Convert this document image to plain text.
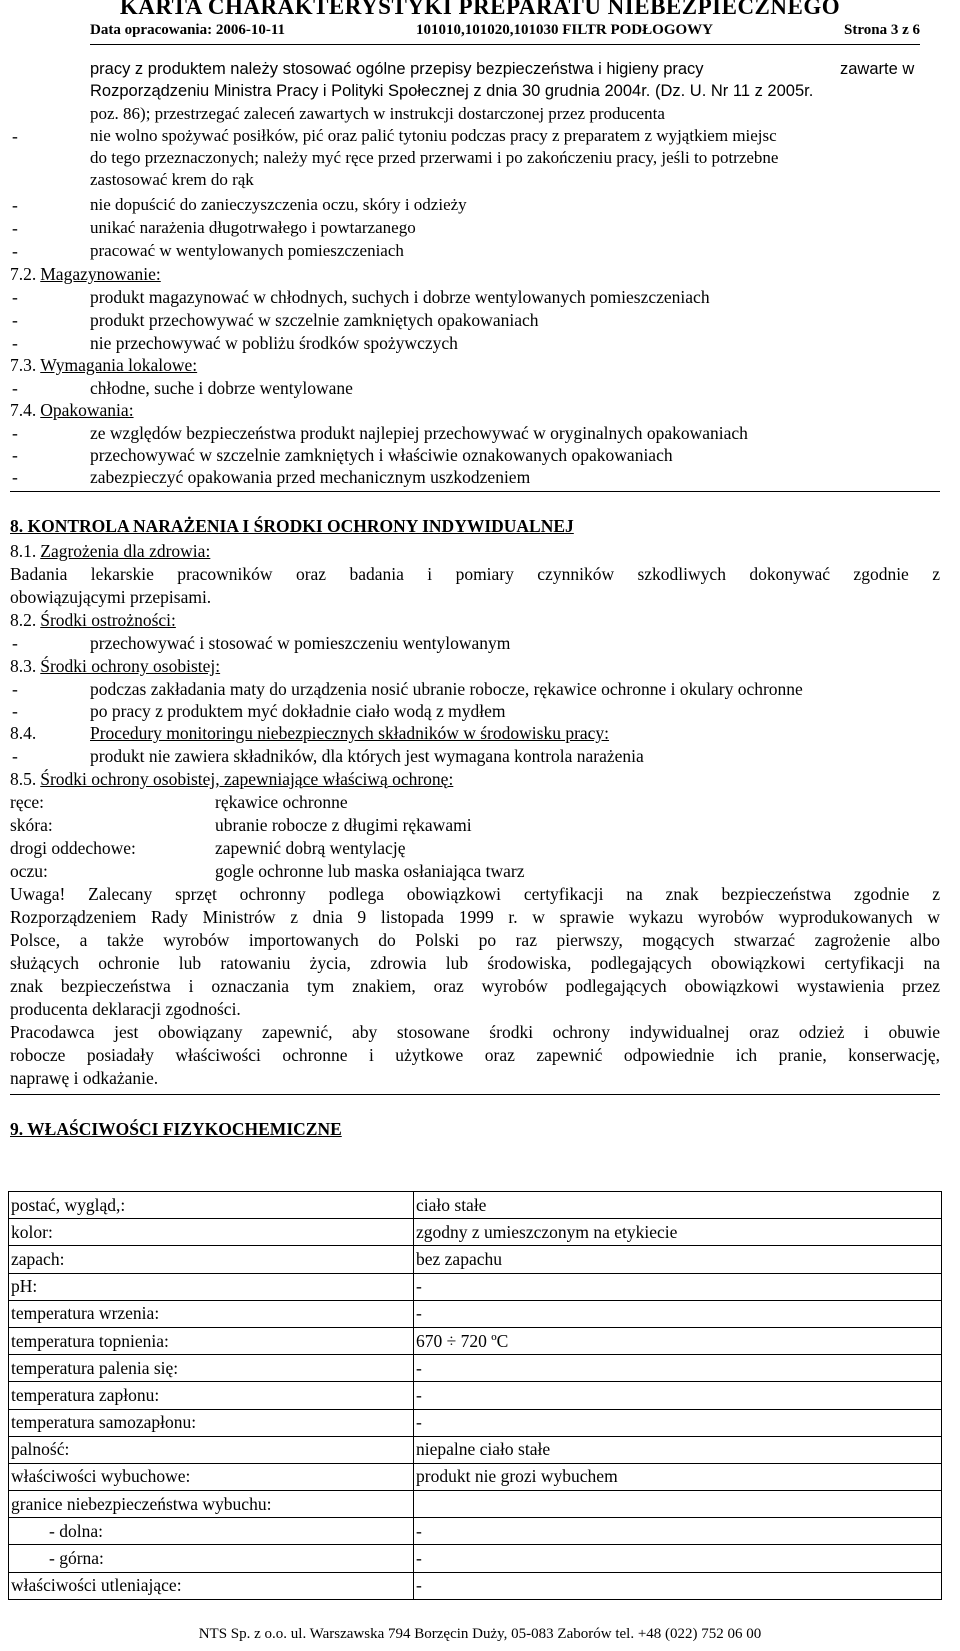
KARTA CHARAKTERYSTYKI PREPARATU NIEBEZPIECZNEGO
Data opracowania: 2006-10-11	101010,101020,101030 FILTR PODŁOGOWY	Strona 3 z 6
pracy z produktem należy stosować ogólne przepisy bezpieczeństwa i higieny pracy	zawarte w
Rozporządzeniu Ministra Pracy i Polityki Społecznej z dnia 30 grudnia 2004r. (Dz. U. Nr 11 z 2005r.
poz. 86); przestrzegać zaleceń zawartych w instrukcji dostarczonej przez producenta
-	nie wolno spożywać posiłków, pić oraz palić tytoniu podczas pracy z preparatem z wyjątkiem miejsc
do tego przeznaczonych; należy myć ręce przed przerwami i po zakończeniu pracy, jeśli to potrzebne
zastosować krem do rąk
-	nie dopuścić do zanieczyszczenia oczu, skóry i odzieży
-	unikać narażenia długotrwałego i powtarzanego
-	pracować w wentylowanych pomieszczeniach
7.2. Magazynowanie:
-	produkt magazynować w chłodnych, suchych i dobrze wentylowanych pomieszczeniach
-	produkt przechowywać w szczelnie zamkniętych opakowaniach
-	nie przechowywać w pobliżu środków spożywczych
7.3. Wymagania lokalowe:
-	chłodne, suche i dobrze wentylowane
7.4. Opakowania:
-	ze względów bezpieczeństwa produkt najlepiej przechowywać w oryginalnych opakowaniach
-	przechowywać w szczelnie zamkniętych i właściwie oznakowanych opakowaniach
-	zabezpieczyć opakowania przed mechanicznym uszkodzeniem
8. KONTROLA NARAŻENIA I ŚRODKI OCHRONY INDYWIDUALNEJ
8.1. Zagrożenia dla zdrowia:
Badania lekarskie pracowników oraz badania i pomiary czynników szkodliwych dokonywać zgodnie z
obowiązującymi przepisami.
8.2. Środki ostrożności:
-	przechowywać i stosować w pomieszczeniu wentylowanym
8.3. Środki ochrony osobistej:
-	podczas zakładania maty do urządzenia nosić ubranie robocze, rękawice ochronne i okulary ochronne
-	po pracy z produktem myć dokładnie ciało wodą z mydłem
8.4.	Procedury monitoringu niebezpiecznych składników w środowisku pracy:
-	produkt nie zawiera składników, dla których jest wymagana kontrola narażenia
8.5. Środki ochrony osobistej, zapewniające właściwą ochronę:
ręce:	rękawice ochronne
skóra:	ubranie robocze z długimi rękawami
drogi oddechowe:	zapewnić dobrą wentylację
oczu:	gogle ochronne lub maska osłaniająca twarz
Uwaga! Zalecany sprzęt ochronny podlega obowiązkowi certyfikacji na znak bezpieczeństwa zgodnie z
Rozporządzeniem Rady Ministrów z dnia 9 listopada 1999 r. w sprawie wykazu wyrobów wyprodukowanych w
Polsce, a także wyrobów importowanych do Polski po raz pierwszy, mogących stwarzać zagrożenie albo
służących ochronie lub ratowaniu życia, zdrowia lub środowiska, podlegających obowiązkowi certyfikacji na
znak bezpieczeństwa i oznaczania tym znakiem, oraz wyrobów podlegających obowiązkowi wystawienia przez
producenta deklaracji zgodności.
Pracodawca jest obowiązany zapewnić, aby stosowane środki ochrony indywidualnej oraz odzież i obuwie
robocze posiadały właściwości ochronne i użytkowe oraz zapewnić odpowiednie ich pranie, konserwację,
naprawę i odkażanie.
9. WŁAŚCIWOŚCI FIZYKOCHEMICZNE
postać, wygląd,:	ciało stałe
kolor:	zgodny z umieszczonym na etykiecie
zapach:	bez zapachu
pH:	-
temperatura wrzenia:	-
temperatura topnienia:	670 ÷ 720 ºC
temperatura palenia się:	-
temperatura zapłonu:	-
temperatura samozapłonu:	-
palność:	niepalne ciało stałe
właściwości wybuchowe:	produkt nie grozi wybuchem
granice niebezpieczeństwa wybuchu:	
- dolna:	-
- górna:	-
właściwości utleniające:	-
NTS Sp. z o.o. ul. Warszawska 794 Borzęcin Duży, 05-083 Zaborów tel. +48 (022) 752 06 00
